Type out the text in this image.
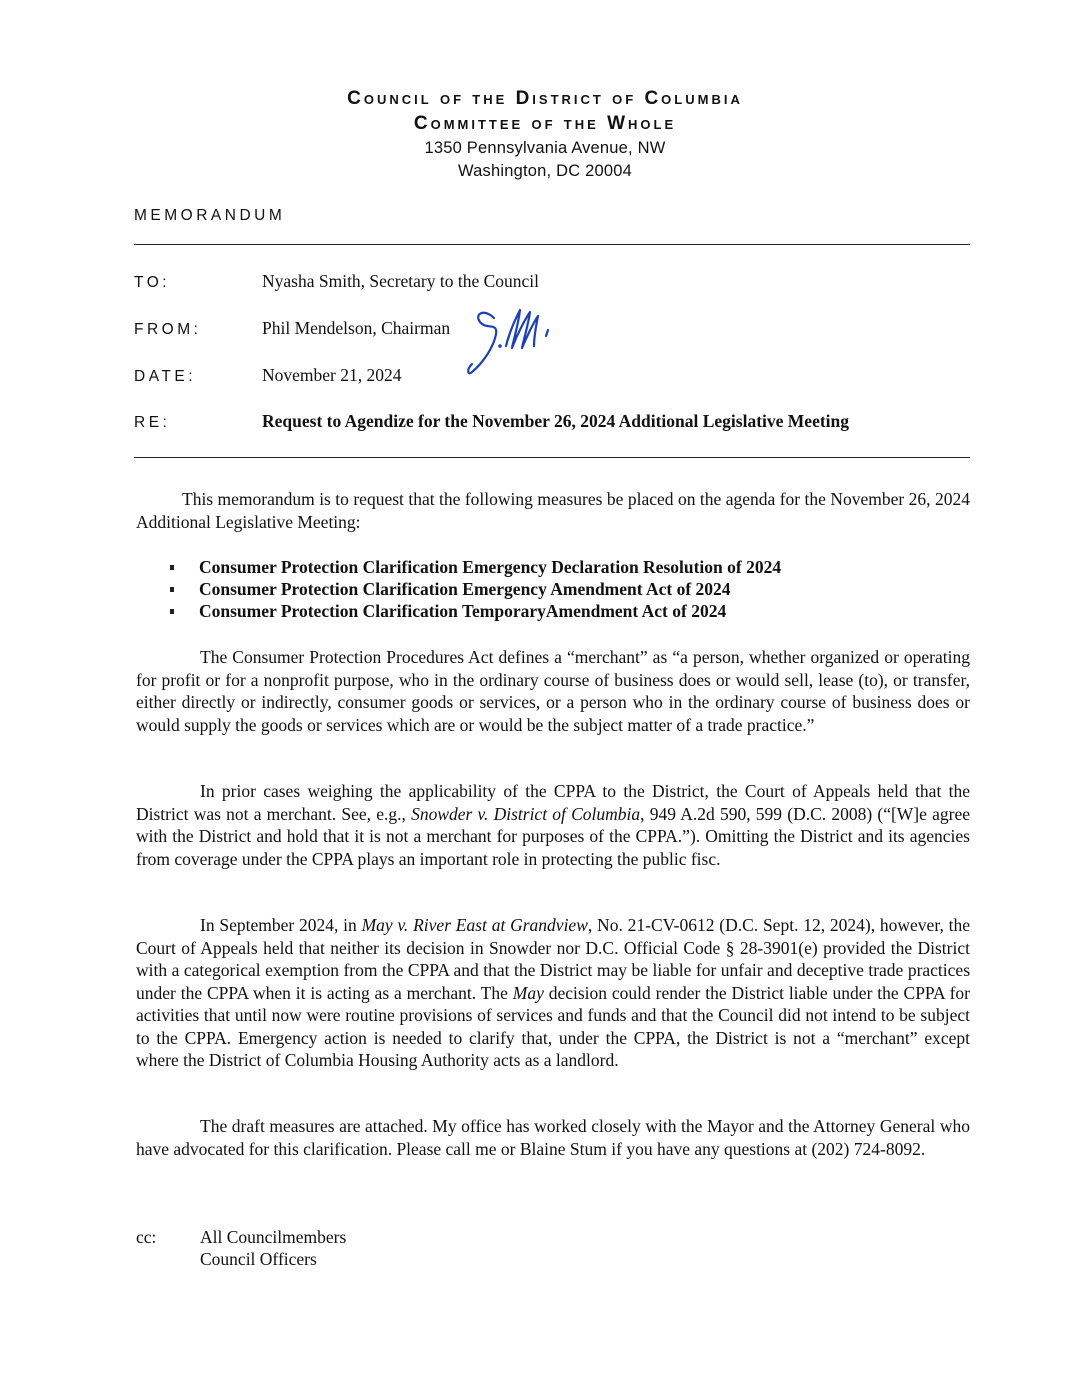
Council of the District of Columbia
Committee of the Whole
1350 Pennsylvania Avenue, NW
Washington, DC 20004
MEMORANDUM
TO:	Nyasha Smith, Secretary to the Council
FROM:	Phil Mendelson, Chairman
DATE:	November 21, 2024
RE:	Request to Agendize for the November 26, 2024 Additional Legislative Meeting
This memorandum is to request that the following measures be placed on the agenda for the November 26, 2024 Additional Legislative Meeting:
Consumer Protection Clarification Emergency Declaration Resolution of 2024
Consumer Protection Clarification Emergency Amendment Act of 2024
Consumer Protection Clarification TemporaryAmendment Act of 2024
The Consumer Protection Procedures Act defines a “merchant” as “a person, whether organized or operating for profit or for a nonprofit purpose, who in the ordinary course of business does or would sell, lease (to), or transfer, either directly or indirectly, consumer goods or services, or a person who in the ordinary course of business does or would supply the goods or services which are or would be the subject matter of a trade practice.”
In prior cases weighing the applicability of the CPPA to the District, the Court of Appeals held that the District was not a merchant. See, e.g., Snowder v. District of Columbia, 949 A.2d 590, 599 (D.C. 2008) (“[W]e agree with the District and hold that it is not a merchant for purposes of the CPPA.”). Omitting the District and its agencies from coverage under the CPPA plays an important role in protecting the public fisc.
In September 2024, in May v. River East at Grandview, No. 21-CV-0612 (D.C. Sept. 12, 2024), however, the Court of Appeals held that neither its decision in Snowder nor D.C. Official Code § 28-3901(e) provided the District with a categorical exemption from the CPPA and that the District may be liable for unfair and deceptive trade practices under the CPPA when it is acting as a merchant. The May decision could render the District liable under the CPPA for activities that until now were routine provisions of services and funds and that the Council did not intend to be subject to the CPPA. Emergency action is needed to clarify that, under the CPPA, the District is not a “merchant” except where the District of Columbia Housing Authority acts as a landlord.
The draft measures are attached. My office has worked closely with the Mayor and the Attorney General who have advocated for this clarification. Please call me or Blaine Stum if you have any questions at (202) 724-8092.
cc: All Councilmembers
Council Officers
